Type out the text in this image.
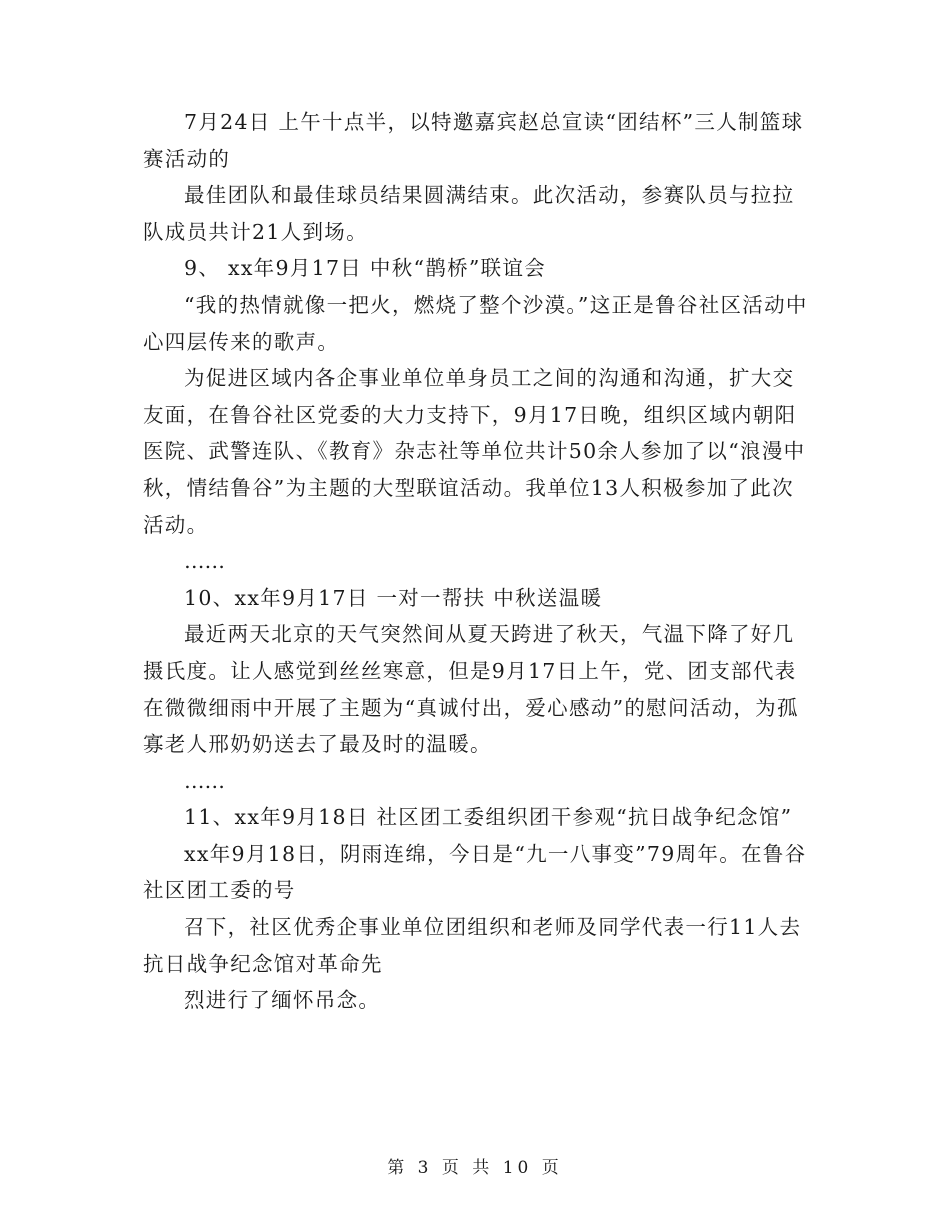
7月24日 上午十点半，以特邀嘉宾赵总宣读“团结杯”三人制篮球赛活动的

最佳团队和最佳球员结果圆满结束。此次活动，参赛队员与拉拉队成员共计21人到场。

9、 xx年9月17日 中秋“鹊桥”联谊会

“我的热情就像一把火，燃烧了整个沙漠。”这正是鲁谷社区活动中心四层传来的歌声。

为促进区域内各企事业单位单身员工之间的沟通和沟通，扩大交友面，在鲁谷社区党委的大力支持下，9月17日晚，组织区域内朝阳医院、武警连队、《教育》杂志社等单位共计50余人参加了以“浪漫中秋，情结鲁谷”为主题的大型联谊活动。我单位13人积极参加了此次活动。

……

10、xx年9月17日 一对一帮扶 中秋送温暖

最近两天北京的天气突然间从夏天跨进了秋天，气温下降了好几摄氏度。让人感觉到丝丝寒意，但是9月17日上午，党、团支部代表在微微细雨中开展了主题为“真诚付出，爱心感动”的慰问活动，为孤寡老人邢奶奶送去了最及时的温暖。

……

11、xx年9月18日 社区团工委组织团干参观“抗日战争纪念馆”

xx年9月18日，阴雨连绵，今日是“九一八事变”79周年。在鲁谷社区团工委的号

召下，社区优秀企事业单位团组织和老师及同学代表一行11人去抗日战争纪念馆对革命先

烈进行了缅怀吊念。

第 3 页 共 10 页
